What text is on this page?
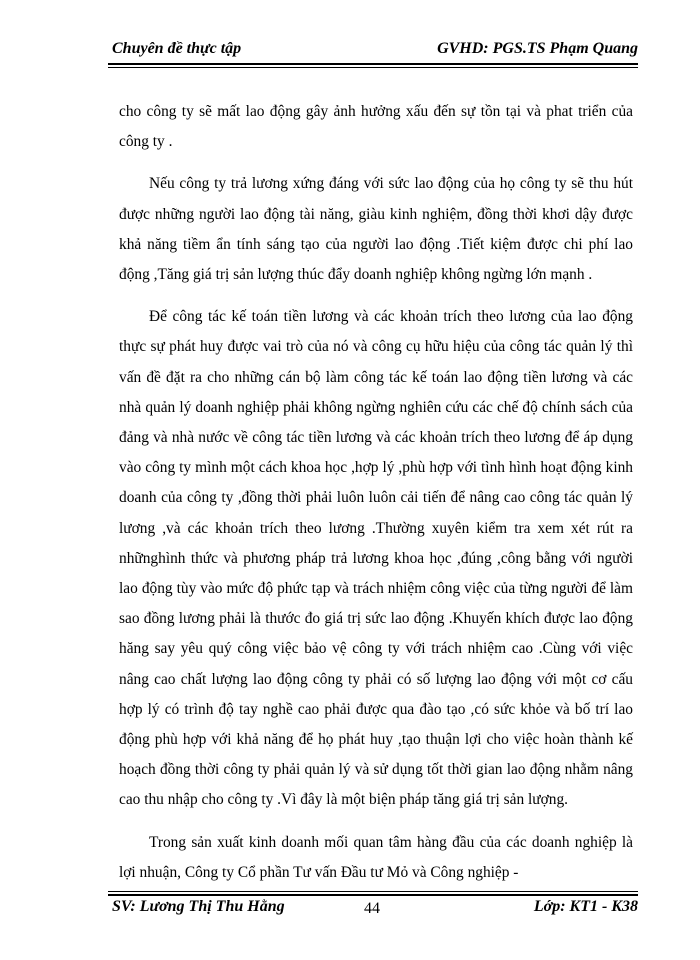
Chuyên đề thực tập	GVHD: PGS.TS Phạm Quang

cho công ty sẽ mất lao động gây ảnh hưởng xấu đến sự tồn tại và phat triển của công ty .

Nếu công ty trả lương xứng đáng với sức lao động của họ công ty sẽ thu hút được những người lao động tài năng, giàu kinh nghiệm, đồng thời khơi dậy được khả năng tiềm ẩn tính sáng tạo của người lao động .Tiết kiệm được chi phí lao động ,Tăng giá trị sản lượng thúc đẩy doanh nghiệp không ngừng lớn mạnh .

Để công tác kế toán tiền lương và các khoản trích theo lương của lao động thực sự phát huy được vai trò của nó và công cụ hữu hiệu của công tác quản lý thì vấn đề đặt ra cho những cán bộ làm công tác kế toán lao động tiền lương và các nhà quản lý doanh nghiệp phải không ngừng nghiên cứu các chế độ chính sách của đảng và nhà nước về công tác tiền lương và các khoản trích theo lương để áp dụng vào công ty mình một cách khoa học ,hợp lý ,phù hợp với tình hình hoạt động kinh doanh của công ty ,đồng thời phải luôn luôn cải tiến để nâng cao công tác quản lý lương ,và các khoản trích theo lương .Thường xuyên kiểm tra xem xét rút ra nhữnghình thức và phương pháp trả lương khoa học ,đúng ,công bằng với người lao động tùy vào mức độ phức tạp và trách nhiệm công việc của từng người để làm sao đồng lương phải là thước đo giá trị sức lao động .Khuyến khích được lao động hăng say yêu quý công việc bảo vệ công ty với trách nhiệm cao .Cùng với việc nâng cao chất lượng lao động công ty phải có số lượng lao động với một cơ cấu hợp lý có trình độ tay nghề cao phải được qua đào tạo ,có sức khỏe và bố trí lao động phù hợp với khả năng để họ phát huy ,tạo thuận lợi cho việc hoàn thành kế hoạch đồng thời công ty phải quản lý và sử dụng tốt thời gian lao động nhằm nâng cao thu nhập cho công ty .Vì đây là một biện pháp tăng giá trị sản lượng.

Trong sản xuất kinh doanh mối quan tâm hàng đầu của các doanh nghiệp là lợi nhuận, Công ty Cổ phần Tư vấn Đầu tư Mỏ và Công nghiệp -

SV: Lương Thị Thu Hằng	44	Lớp: KT1 - K38
